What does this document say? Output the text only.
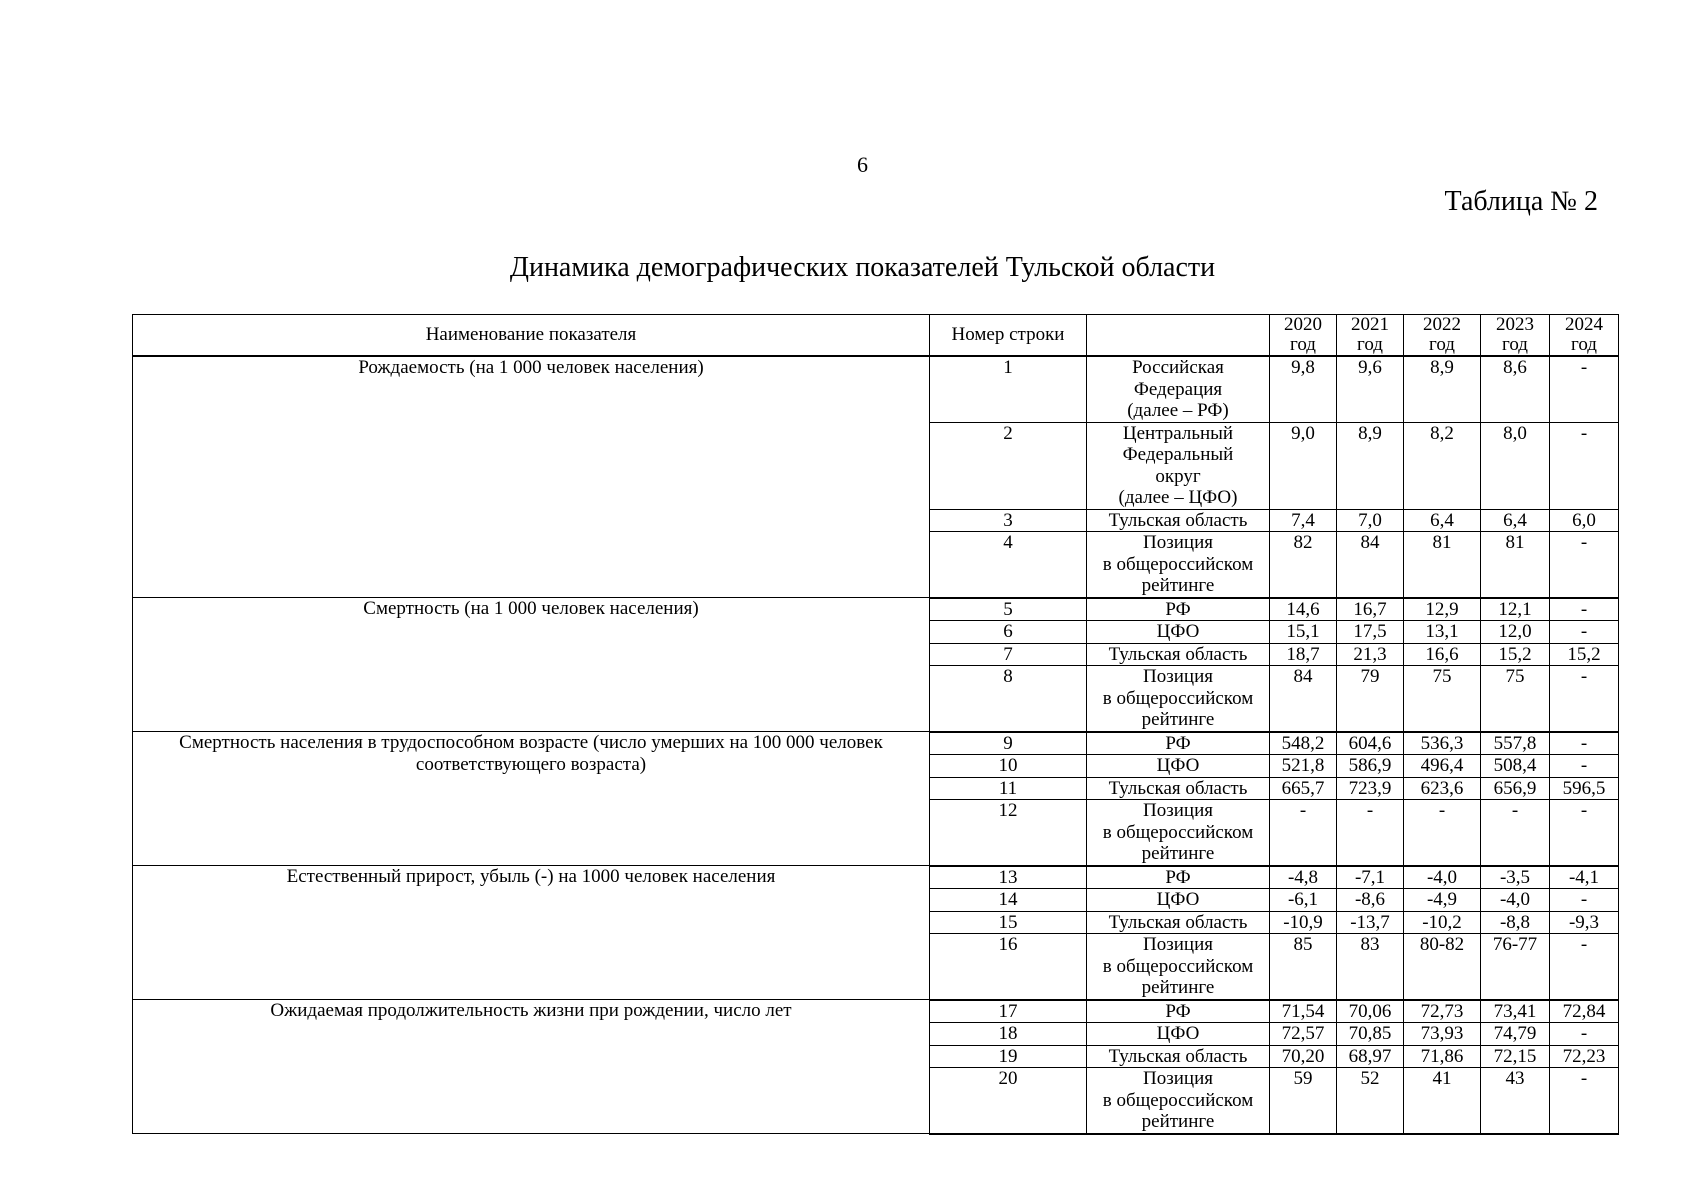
6
Таблица № 2
Динамика демографических показателей Тульской области
Наименование показателя	Номер строки		2020
год	2021
год	2022
год	2023
год	2024
год

Рождаемость (на 1 000 человек населения)	1	Российская
Федерация
(далее – РФ)	9,8	9,6	8,9	8,6	-
	2	Центральный
Федеральный
округ
(далее – ЦФО)	9,0	8,9	8,2	8,0	-
	3	Тульская область	7,4	7,0	6,4	6,4	6,0
	4	Позиция
в общероссийском
рейтинге	82	84	81	81	-
Смертность (на 1 000 человек населения)	5	РФ	14,6	16,7	12,9	12,1	-
	6	ЦФО	15,1	17,5	13,1	12,0	-
	7	Тульская область	18,7	21,3	16,6	15,2	15,2
	8	Позиция
в общероссийском
рейтинге	84	79	75	75	-
Смертность населения в трудоспособном возрасте (число умерших на 100 000 человек соответствующего возраста)	9	РФ	548,2	604,6	536,3	557,8	-
	10	ЦФО	521,8	586,9	496,4	508,4	-
	11	Тульская область	665,7	723,9	623,6	656,9	596,5
	12	Позиция
в общероссийском
рейтинге	-	-	-	-	-
Естественный прирост, убыль (-) на 1000 человек населения	13	РФ	-4,8	-7,1	-4,0	-3,5	-4,1
	14	ЦФО	-6,1	-8,6	-4,9	-4,0	-
	15	Тульская область	-10,9	-13,7	-10,2	-8,8	-9,3
	16	Позиция
в общероссийском
рейтинге	85	83	80-82	76-77	-
Ожидаемая продолжительность жизни при рождении, число лет	17	РФ	71,54	70,06	72,73	73,41	72,84
	18	ЦФО	72,57	70,85	73,93	74,79	-
	19	Тульская область	70,20	68,97	71,86	72,15	72,23
	20	Позиция
в общероссийском
рейтинге	59	52	41	43	-
